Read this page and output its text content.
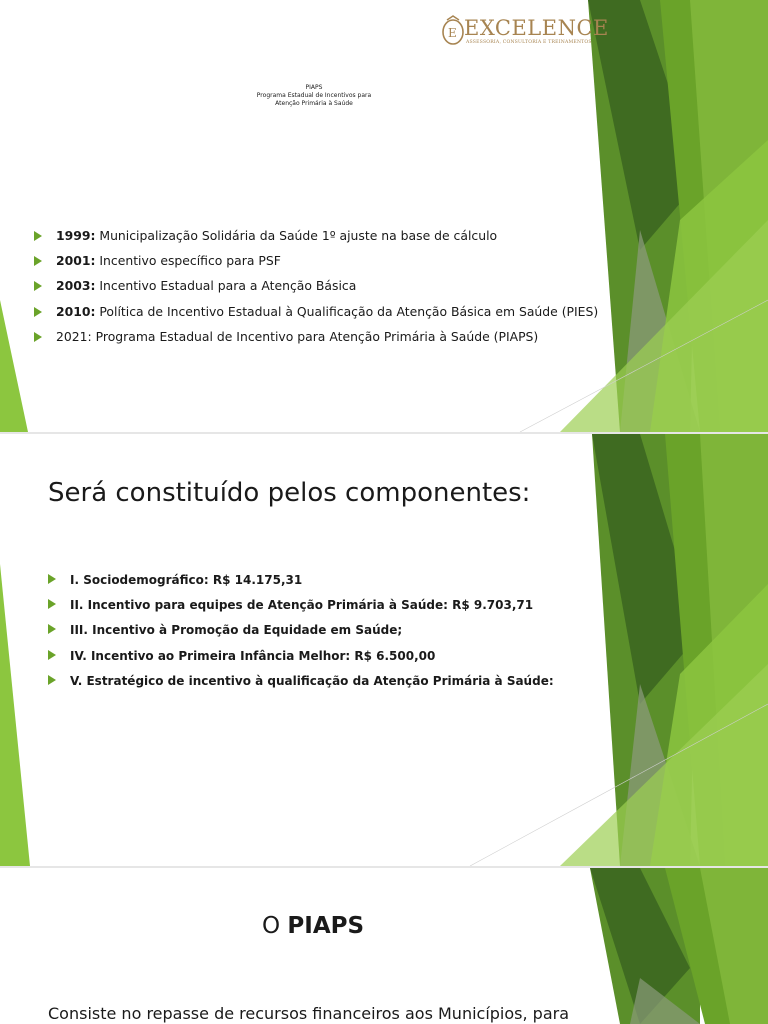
E EXCELENCE
ASSESSORIA, CONSULTORIA E TREINAMENTOS
PIAPS
Programa Estadual de Incentivos para
Atenção Primária à Saúde
1999: Municipalização Solidária da Saúde 1º ajuste na base de cálculo
2001: Incentivo específico para PSF
2003: Incentivo Estadual para a Atenção Básica
2010: Política de Incentivo Estadual à Qualificação da Atenção Básica em Saúde (PIES)
2021: Programa Estadual de Incentivo para Atenção Primária à Saúde (PIAPS)
Será constituído pelos componentes:
I. Sociodemográfico: R$ 14.175,31
II. Incentivo para equipes de Atenção Primária à Saúde: R$ 9.703,71
III. Incentivo à Promoção da Equidade em Saúde;
IV. Incentivo ao Primeira Infância Melhor: R$ 6.500,00
V. Estratégico de incentivo à qualificação da Atenção Primária à Saúde:
O PIAPS
Consiste no repasse de recursos financeiros aos Municípios, para
